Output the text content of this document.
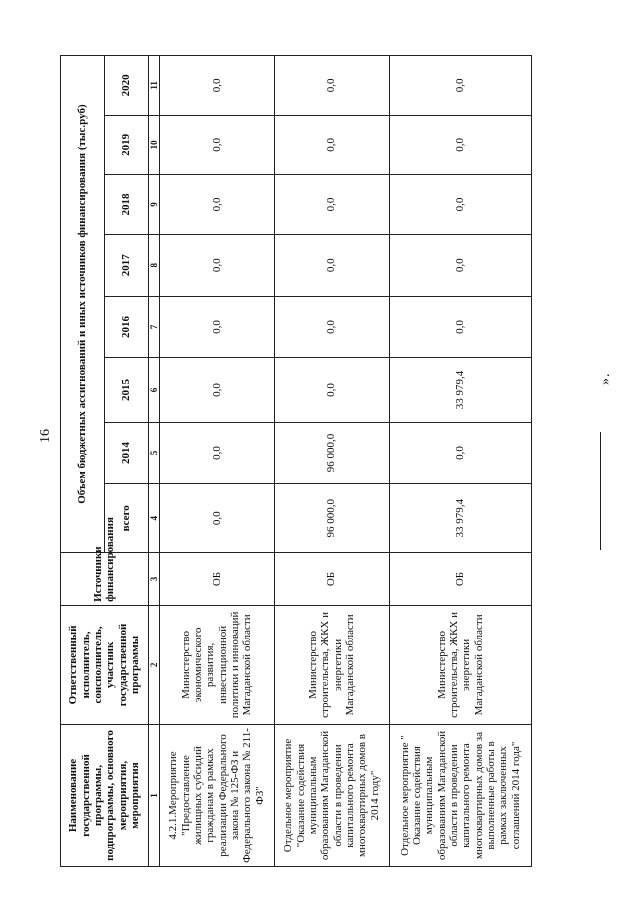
16
Наименование государственной программы, подпрограммы, основного мероприятия, мероприятия	Ответственный исполнитель, соисполнитель, участник государственной программы	Источники финансирования	Объем бюджетных ассигнований и иных источников финансирования (тыс.руб)							
			всего	2014	2015	2016	2017	2018	2019	2020
1	2	3	4	5	6	7	8	9	10	11
4.2.1.Мероприятие "Предоставление жилищных субсидий гражданам в рамках реализации Федерального закона № 125-ФЗ и Федерального закона № 211-ФЗ"	Министерство экономического развития, инвестиционной политики и инноваций Магаданской области	ОБ	0,0	0,0	0,0	0,0	0,0	0,0	0,0	0,0
Отдельное мероприятие "Оказание содействия муниципальным образованиям Магаданской области в проведении капитального ремонта многоквартирных домов в 2014 году"	Министерство строительства, ЖКХ и энергетики Магаданской области	ОБ	96 000,0	96 000,0	0,0	0,0	0,0	0,0	0,0	0,0
Отдельное мероприятие " Оказание содействия муниципальным образованиям Магаданской области в проведении капитального ремонта многоквартирных домов за выполненные работы в рамках заключенных соглашений 2014 года"	Министерство строительства, ЖКХ и энергетики Магаданской области	ОБ	33 979,4	0,0	33 979,4	0,0	0,0	0,0	0,0	0,0
».
